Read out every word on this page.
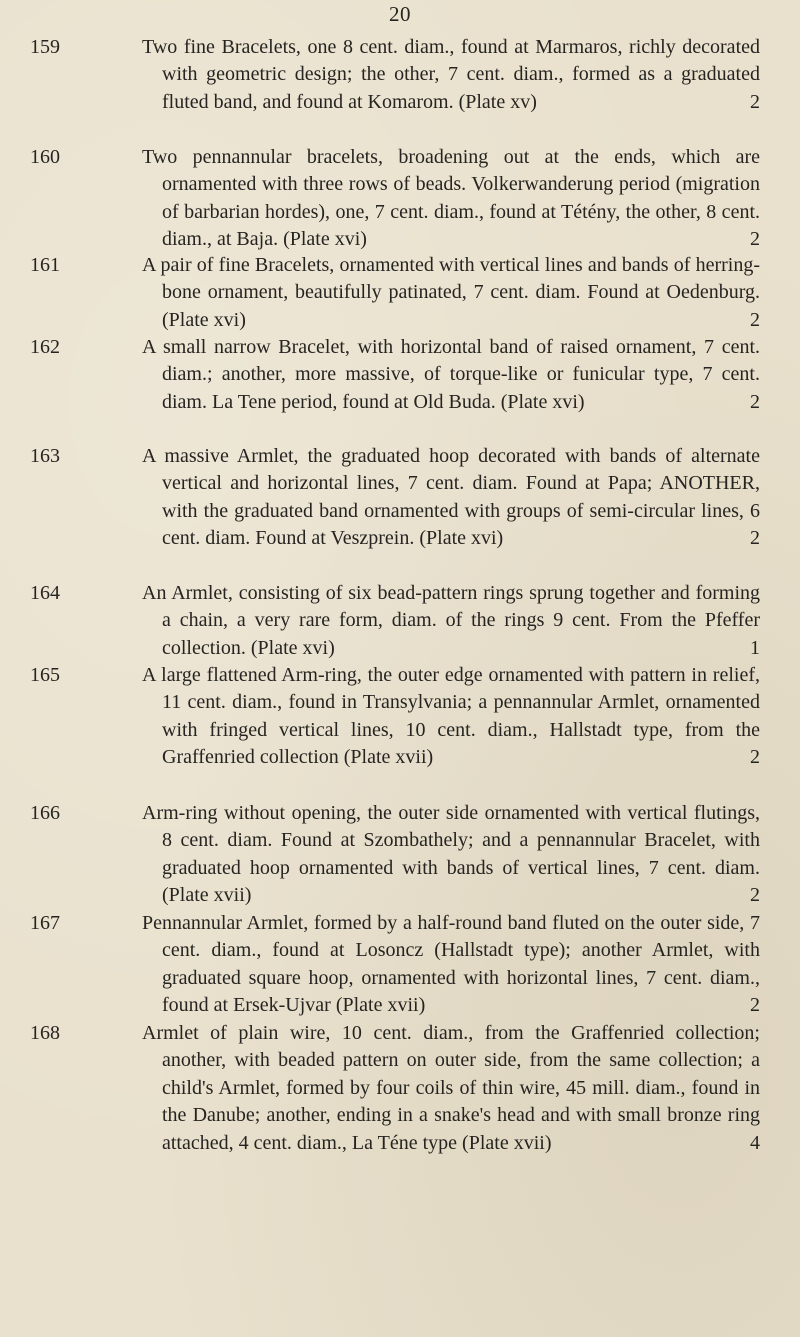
20
159	Two fine Bracelets, one 8 cent. diam., found at Marmaros, richly decorated with geometric design; the other, 7 cent. diam., formed as a graduated fluted band, and found at Komarom. (Plate xv)	2
160	Two pennannular bracelets, broadening out at the ends, which are ornamented with three rows of beads. Volkerwanderung period (migration of barbarian hordes), one, 7 cent. diam., found at Tétény, the other, 8 cent. diam., at Baja. (Plate xvi)	2
161	A pair of fine Bracelets, ornamented with vertical lines and bands of herring-bone ornament, beautifully patinated, 7 cent. diam. Found at Oedenburg. (Plate xvi)	2
162	A small narrow Bracelet, with horizontal band of raised ornament, 7 cent. diam.; another, more massive, of torque-like or funicular type, 7 cent. diam. La Tene period, found at Old Buda. (Plate xvi)	2
163	A massive Armlet, the graduated hoop decorated with bands of alternate vertical and horizontal lines, 7 cent. diam. Found at Papa; ANOTHER, with the graduated band ornamented with groups of semi-circular lines, 6 cent. diam. Found at Veszprein. (Plate xvi)	2
164	An Armlet, consisting of six bead-pattern rings sprung together and forming a chain, a very rare form, diam. of the rings 9 cent. From the Pfeffer collection. (Plate xvi)	1
165	A large flattened Arm-ring, the outer edge ornamented with pattern in relief, 11 cent. diam., found in Transylvania; a pennannular Armlet, ornamented with fringed vertical lines, 10 cent. diam., Hallstadt type, from the Graffenried collection (Plate xvii)	2
166	Arm-ring without opening, the outer side ornamented with vertical flutings, 8 cent. diam. Found at Szombathely; and a pennannular Bracelet, with graduated hoop ornamented with bands of vertical lines, 7 cent. diam. (Plate xvii)	2
167	Pennannular Armlet, formed by a half-round band fluted on the outer side, 7 cent. diam., found at Losoncz (Hallstadt type); another Armlet, with graduated square hoop, ornamented with horizontal lines, 7 cent. diam., found at Ersek-Ujvar (Plate xvii)	2
168	Armlet of plain wire, 10 cent. diam., from the Graffenried collection; another, with beaded pattern on outer side, from the same collection; a child's Armlet, formed by four coils of thin wire, 45 mill. diam., found in the Danube; another, ending in a snake's head and with small bronze ring attached, 4 cent. diam., La Téne type (Plate xvii)	4
